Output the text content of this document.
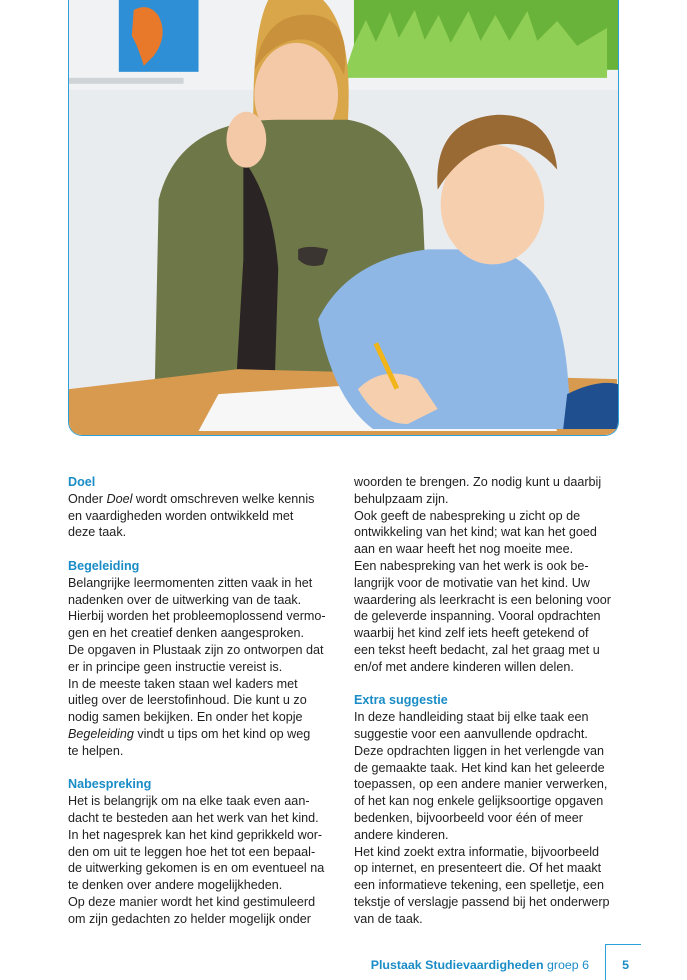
Doel

Onder Doel wordt omschreven welke kennis

en vaardigheden worden ontwikkeld met

deze taak.

Begeleiding

Belangrijke leermomenten zitten vaak in het

nadenken over de uitwerking van de taak.

Hierbij worden het probleemoplossend vermo-

gen en het creatief denken aangesproken.

De opgaven in Plustaak zijn zo ontworpen dat

er in principe geen instructie vereist is.

In de meeste taken staan wel kaders met

uitleg over de leerstofinhoud. Die kunt u zo

nodig samen bekijken. En onder het kopje

Begeleiding vindt u tips om het kind op weg

te helpen.

Nabespreking

Het is belangrijk om na elke taak even aan-

dacht te besteden aan het werk van het kind.

In het nagesprek kan het kind geprikkeld wor-

den om uit te leggen hoe het tot een bepaal-

de uitwerking gekomen is en om eventueel na

te denken over andere mogelijkheden.

Op deze manier wordt het kind gestimuleerd

om zijn gedachten zo helder mogelijk onder

woorden te brengen. Zo nodig kunt u daarbij

behulpzaam zijn.

Ook geeft de nabespreking u zicht op de

ontwikkeling van het kind; wat kan het goed

aan en waar heeft het nog moeite mee.

Een nabespreking van het werk is ook be-

langrijk voor de motivatie van het kind. Uw

waardering als leerkracht is een beloning voor

de geleverde inspanning. Vooral opdrachten

waarbij het kind zelf iets heeft getekend of

een tekst heeft bedacht, zal het graag met u

en/of met andere kinderen willen delen.

Extra suggestie

In deze handleiding staat bij elke taak een

suggestie voor een aanvullende opdracht.

Deze opdrachten liggen in het verlengde van

de gemaakte taak. Het kind kan het geleerde

toepassen, op een andere manier verwerken,

of het kan nog enkele gelijksoortige opgaven

bedenken, bijvoorbeeld voor één of meer

andere kinderen.

Het kind zoekt extra informatie, bijvoorbeeld

op internet, en presenteert die. Of het maakt

een informatieve tekening, een spelletje, een

tekstje of verslagje passend bij het onderwerp

van de taak.

Plustaak Studievaardigheden groep 6	5
